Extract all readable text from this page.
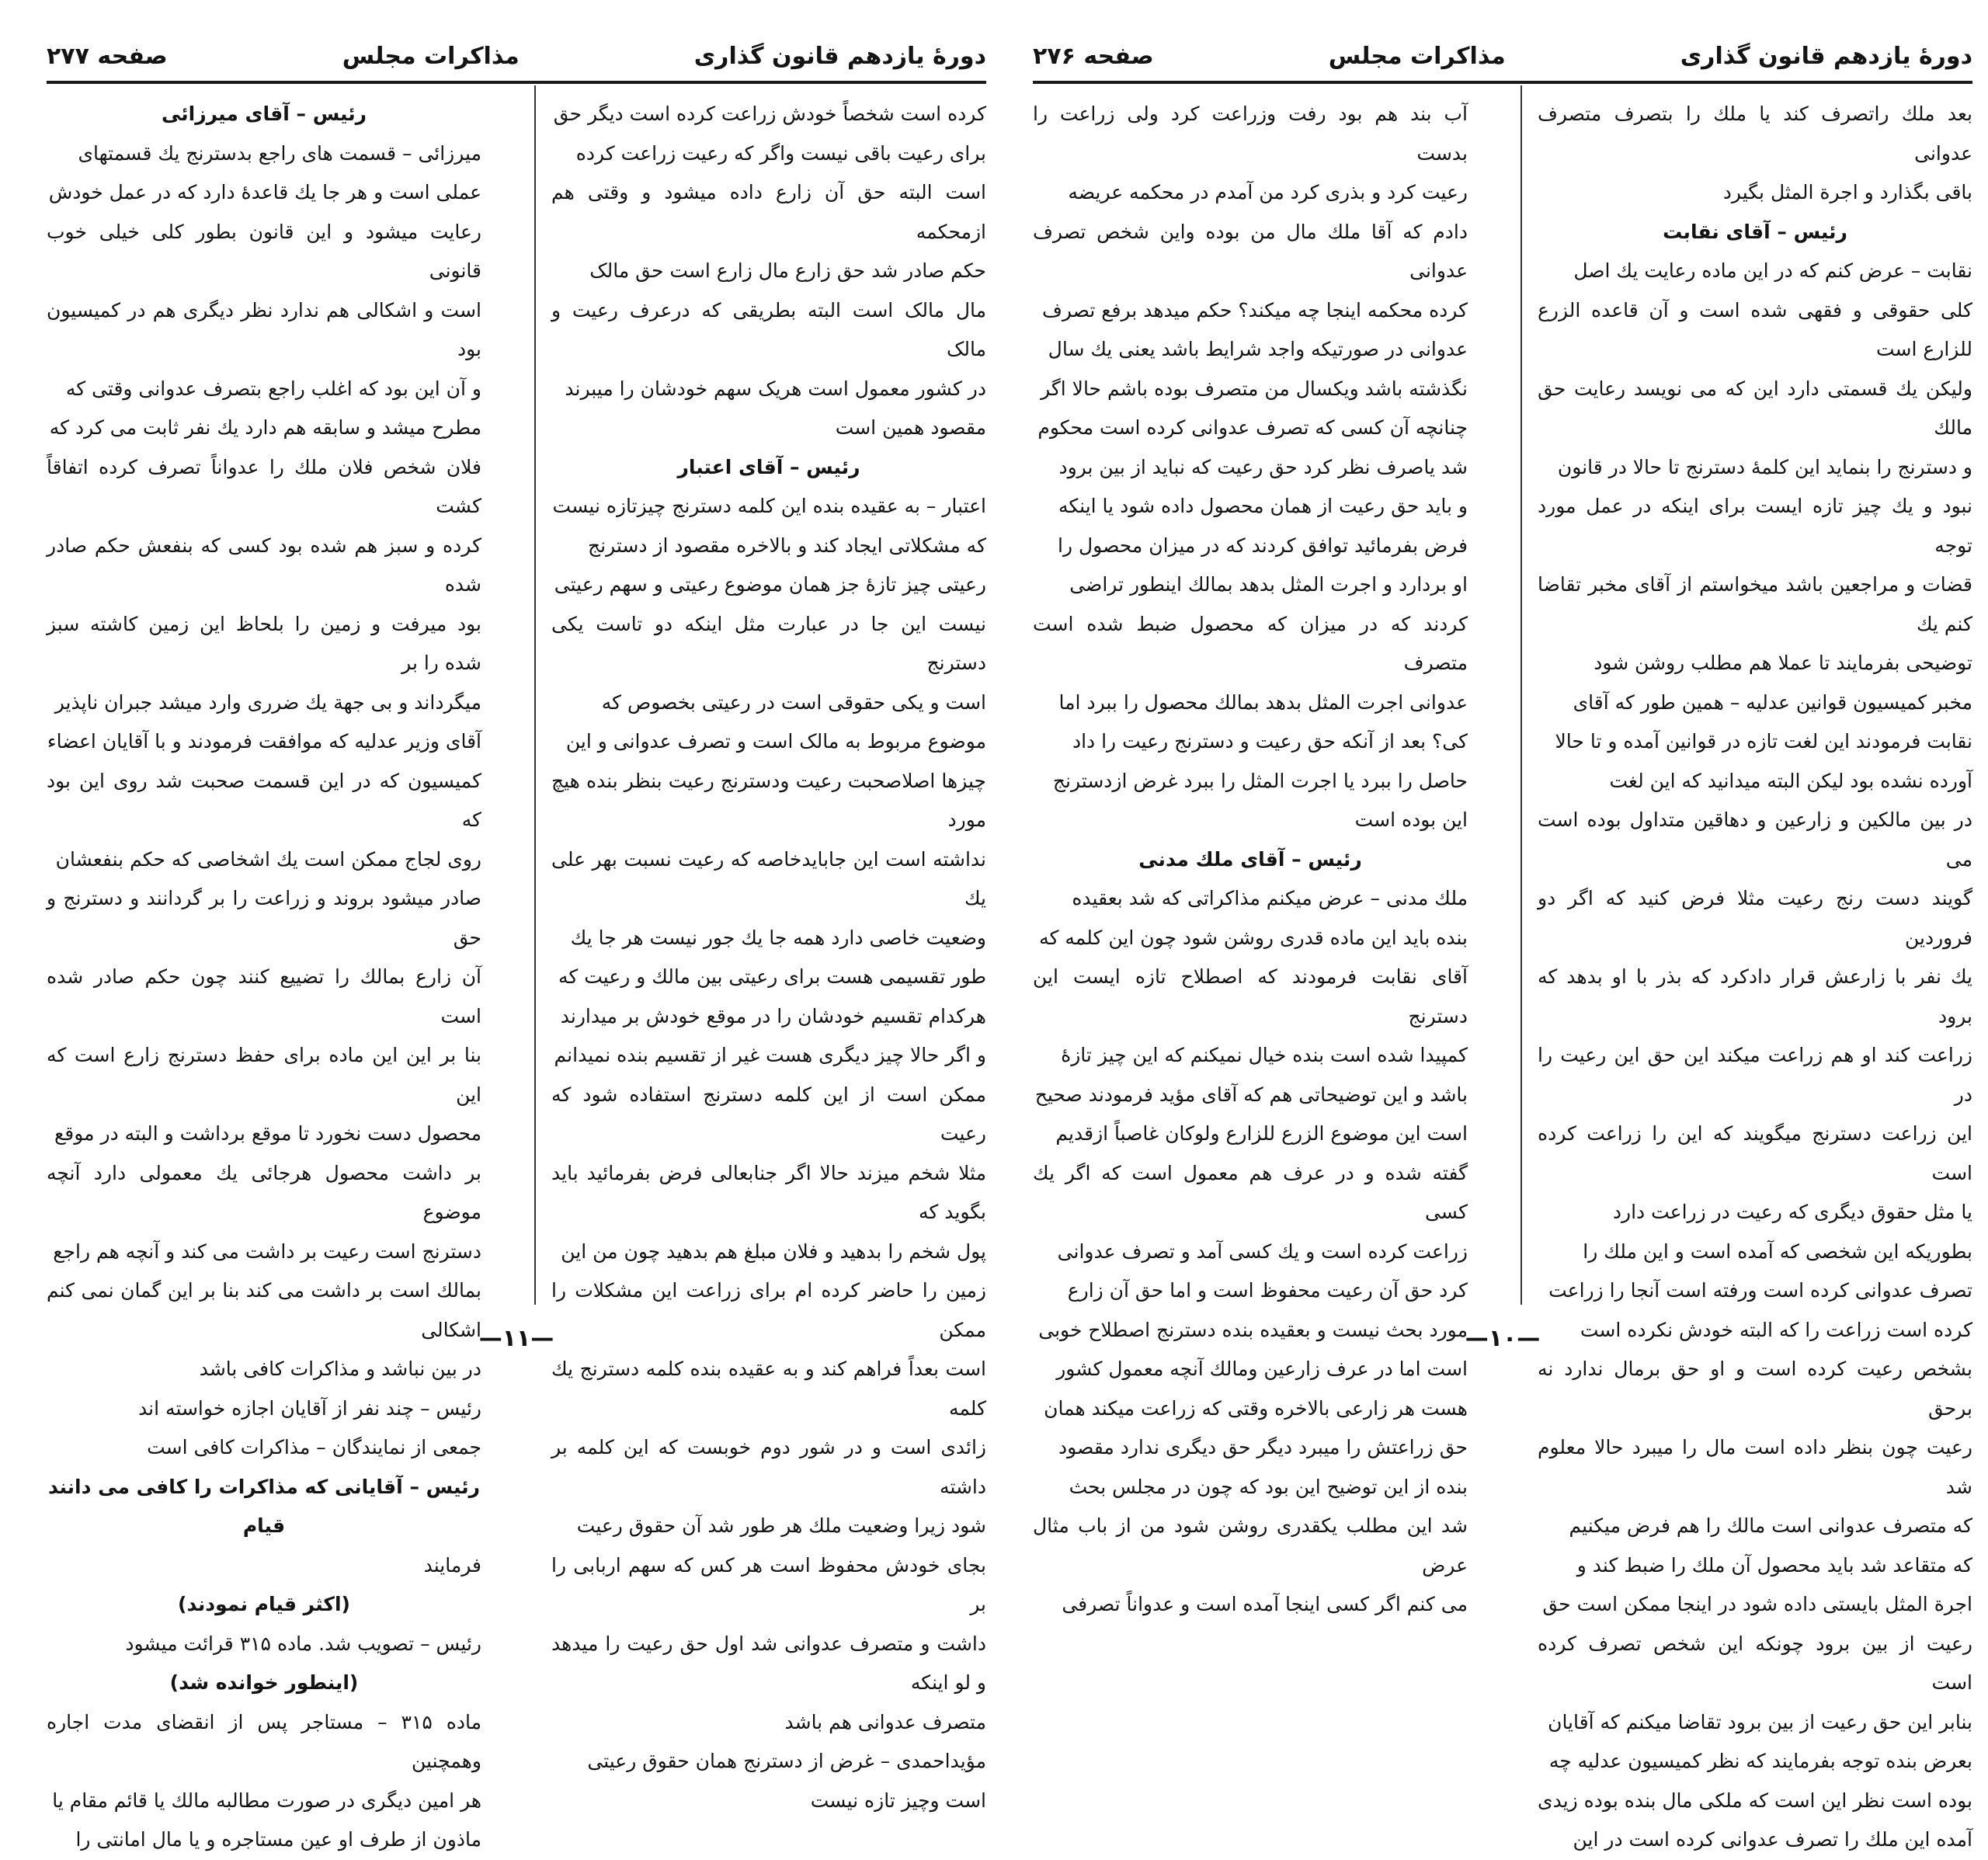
صفحه ۲۷۷	مذاکرات مجلس	دورهٔ یازدهم قانون گذاری

کرده است شخصاً خودش زراعت کرده است دیگر حق

برای رعیت باقی نیست واگر که رعیت زراعت کرده

است البته حق آن زارع داده میشود و وقتی هم ازمحکمه

حکم صادر شد حق زارع مال زارع است حق مالک

مال مالک است البته بطریقی که درعرف رعیت و مالک

در کشور معمول است هریک سهم خودشان را میبرند

مقصود همین است

رئیس – آقای اعتبار

اعتبار – به عقیده بنده این کلمه دسترنج چیزتازه نیست

که مشکلاتی ایجاد کند و بالاخره مقصود از دسترنج

رعیتی چیز تازهٔ جز همان موضوع رعیتی و سهم رعیتی

نیست این جا در عبارت مثل اینکه دو تاست یکی دسترنج

است و یکی حقوقی است در رعیتی بخصوص که

موضوع مربوط به مالک است و تصرف عدوانی و این

چیزها اصلاصحبت رعیت ودسترنج رعیت بنظر بنده هیچ مورد

نداشته است این جابایدخاصه که رعیت نسبت بهر علی یك

وضعیت خاصی دارد همه جا یك جور نیست هر جا یك

طور تقسیمی هست برای رعیتی بین مالك و رعیت كه

هركدام تقسیم خودشان را در موقع خودش بر میدارند

و اگر حالا چیز دیگری هست غیر از تقسیم بنده نمیدانم

ممکن است از این کلمه دسترنج استفاده شود که رعیت

مثلا شخم میزند حالا اگر جنابعالی فرض بفرمائید باید بگوید که

پول شخم را بدهید و فلان مبلغ هم بدهید چون من این

زمین را حاضر کرده ام برای زراعت این مشکلات را ممکن

است بعداً فراهم کند و به عقیده بنده کلمه دسترنج یك کلمه

زائدی است و در شور دوم خوبست که این کلمه بر داشته

شود زیرا وضعیت ملك هر طور شد آن حقوق رعیت

بجای خودش محفوظ است هر کس که سهم اربابی را بر

داشت و متصرف عدوانی شد اول حق رعیت را میدهد و لو اینکه

متصرف عدوانی هم باشد

مؤیداحمدی – غرض از دسترنج همان حقوق رعیتی

است وچیز تازه نیست

رئیس – آقای میرزائی

میرزائی – قسمت های راجع بدسترنج یك قسمتهای

عملی است و هر جا یك قاعدهٔ دارد كه در عمل خودش

رعایت میشود و این قانون بطور کلی خیلی خوب قانونی

است و اشکالی هم ندارد نظر دیگری هم در کمیسیون بود

و آن این بود که اغلب راجع بتصرف عدوانی وقتی که

مطرح میشد و سابقه هم دارد یك نفر ثابت می کرد که

فلان شخص فلان ملك را عدواناً تصرف کرده اتفاقاً کشت

کرده و سبز هم شده بود کسی که بنفعش حکم صادر شده

بود میرفت و زمین را بلحاظ این زمین کاشته سبز شده را بر

میگرداند و بی جهة یك ضرری وارد میشد جبران ناپذیر

آقای وزیر عدلیه که موافقت فرمودند و با آقایان اعضاء

کمیسیون که در این قسمت صحبت شد روی این بود که

روی لجاج ممکن است یك اشخاصی که حکم بنفعشان

صادر میشود بروند و زراعت را بر گردانند و دسترنج و حق

آن زارع بمالك را تضییع کنند چون حکم صادر شده است

بنا بر این این ماده برای حفظ دسترنج زارع است که این

محصول دست نخورد تا موقع برداشت و البته در موقع

بر داشت محصول هرجائی یك معمولی دارد آنچه موضوع

دسترنج است رعیت بر داشت می کند و آنچه هم راجع

بمالك است بر داشت می کند بنا بر این گمان نمی کنم اشکالی

در بین نباشد و مذاکرات کافی باشد

رئیس – چند نفر از آقایان اجازه خواسته اند

جمعی از نمایندگان – مذاکرات کافی است

رئیس – آقایانی که مذاکرات را کافی می دانند قیام

فرمایند

(اکثر قیام نمودند)

رئیس – تصویب شد. ماده ۳۱۵ قرائت میشود

(اینطور خوانده شد)

ماده ۳۱۵ – مستاجر پس از انقضای مدت اجاره وهمچنین

هر امین دیگری در صورت مطالبه مالك یا قائم مقام یا

ماذون از طرف او عین مستاجره و یا مال امانتی را

—۱۱—
صفحه ۲۷۶	مذاکرات مجلس	دورهٔ یازدهم قانون گذاری

بعد ملك راتصرف کند یا ملك را بتصرف متصرف عدوانی

باقی بگذارد و اجرة المثل بگیرد

رئیس – آقای نقابت

نقابت – عرض کنم که در این ماده رعایت یك اصل

کلی حقوقی و فقهی شده است و آن قاعده الزرع للزارع است

ولیکن یك قسمتی دارد این که می نویسد رعایت حق مالك

و دسترنج را بنماید این کلمهٔ دسترنج تا حالا در قانون

نبود و یك چیز تازه ایست برای اینکه در عمل مورد توجه

قضات و مراجعین باشد میخواستم از آقای مخبر تقاضا کنم یك

توضیحی بفرمایند تا عملا هم مطلب روشن شود

مخبر کمیسیون قوانین عدلیه – همین طور که آقای

نقابت فرمودند این لغت تازه در قوانین آمده و تا حالا

آورده نشده بود لیکن البته میدانید که این لغت

در بین مالکین و زارعین و دهاقین متداول بوده است می

گویند دست رنج رعیت مثلا فرض کنید که اگر دو فروردین

یك نفر با زارعش قرار دادکرد که بذر با او بدهد که برود

زراعت کند او هم زراعت میکند این حق این رعیت را در

این زراعت دسترنج میگویند که این را زراعت کرده است

یا مثل حقوق دیگری که رعیت در زراعت دارد

بطوریکه این شخصی که آمده است و این ملك را

تصرف عدوانی کرده است ورفته است آنجا را زراعت

کرده است زراعت را که البته خودش نکرده است

بشخص رعیت کرده است و او حق برمال ندارد نه برحق

رعیت چون بنظر داده است مال را میبرد حالا معلوم شد

که متصرف عدوانی است مالك را هم فرض میکنیم

که متقاعد شد باید محصول آن ملك را ضبط کند و

اجرة المثل بایستی داده شود در اینجا ممکن است حق

رعیت از بین برود چونکه این شخص تصرف کرده است

بنابر این حق رعیت از بین برود تقاضا میکنم که آقایان

بعرض بنده توجه بفرمایند که نظر کمیسیون عدلیه چه

بوده است نظر این است که ملکی مال بنده بوده زیدی

آمده این ملك را تصرف عدوانی کرده است در این

آب بند هم بود رفت وزراعت کرد ولی زراعت را بدست

رعیت کرد و بذری کرد من آمدم در محکمه عریضه

دادم که آقا ملك مال من بوده واین شخص تصرف عدوانی

کرده محکمه اینجا چه میکند؟ حکم میدهد برفع تصرف

عدوانی در صورتیکه واجد شرایط باشد یعنی یك سال

نگذشته باشد ویکسال من متصرف بوده باشم حالا اگر

چنانچه آن کسی که تصرف عدوانی کرده است محکوم

شد یاصرف نظر کرد حق رعیت که نباید از بین برود

و باید حق رعیت از همان محصول داده شود یا اینکه

فرض بفرمائید توافق کردند که در میزان محصول را

او بردارد و اجرت المثل بدهد بمالك اینطور تراضی

کردند که در میزان که محصول ضبط شده است متصرف

عدوانی اجرت المثل بدهد بمالك محصول را ببرد اما

کی؟ بعد از آنکه حق رعیت و دسترنج رعیت را داد

حاصل را ببرد یا اجرت المثل را ببرد غرض ازدسترنج

این بوده است

رئیس – آقای ملك مدنی

ملك مدنی – عرض میکنم مذاکراتی که شد بعقیده

بنده باید این ماده قدری روشن شود چون این کلمه که

آقای نقابت فرمودند که اصطلاح تازه ایست این دسترنج

کمپیدا شده است بنده خیال نمیکنم که این چیز تازهٔ

باشد و این توضیحاتی هم که آقای مؤید فرمودند صحیح

است این موضوع الزرع للزارع ولوکان غاصباً ازقدیم

گفته شده و در عرف هم معمول است که اگر یك کسی

زراعت کرده است و یك کسی آمد و تصرف عدوانی

کرد حق آن رعیت محفوظ است و اما حق آن زارع

مورد بحث نیست و بعقیده بنده دسترنج اصطلاح خوبی

است اما در عرف زارعین ومالك آنچه معمول کشور

هست هر زارعی بالاخره وقتی که زراعت میکند همان

حق زراعتش را میبرد دیگر حق دیگری ندارد مقصود

بنده از این توضیح این بود که چون در مجلس بحث

شد این مطلب یکقدری روشن شود من از باب مثال عرض

می کنم اگر کسی اینجا آمده است و عدواناً تصرفی

—۱۰—
